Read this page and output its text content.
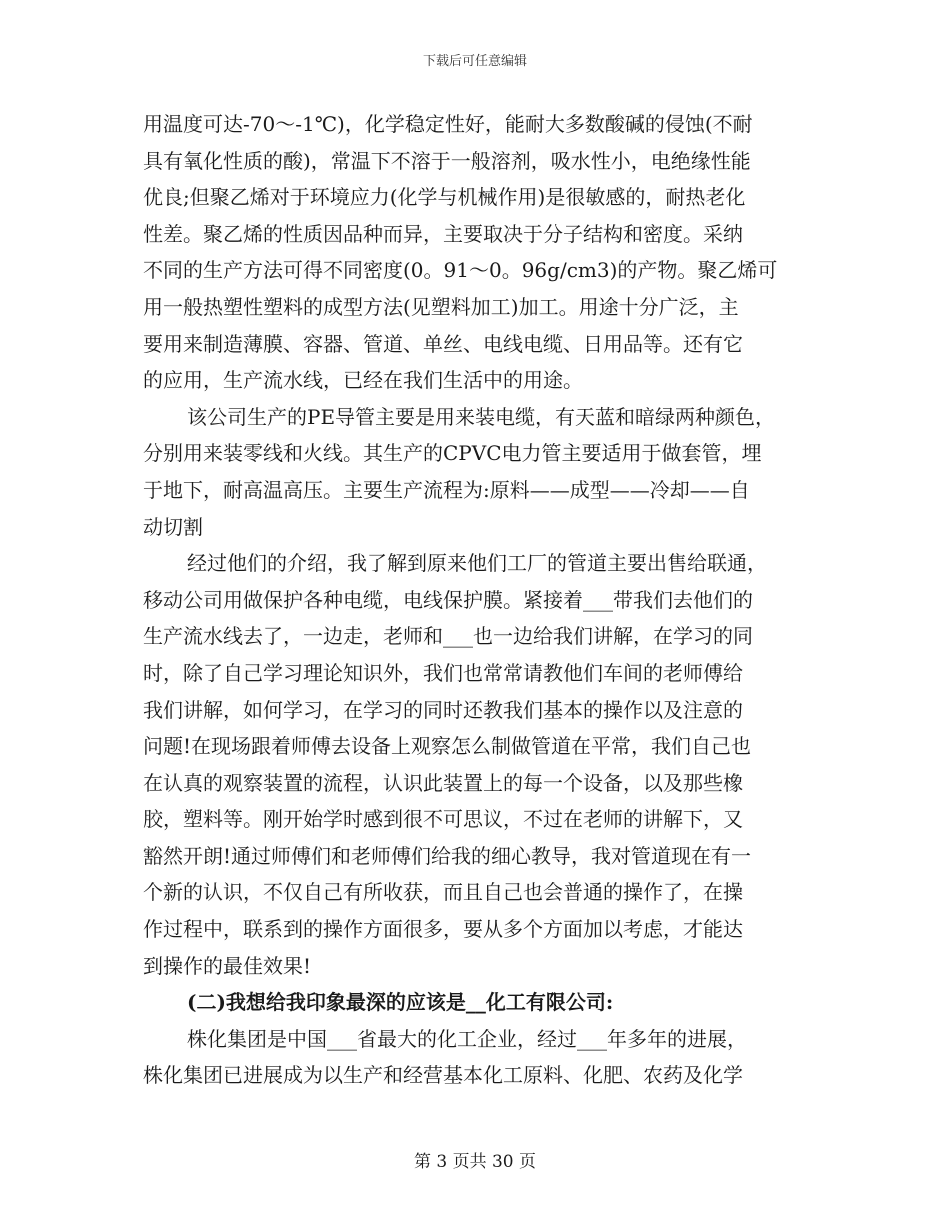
下载后可任意编辑
用温度可达-70～-1℃)，化学稳定性好，能耐大多数酸碱的侵蚀(不耐
具有氧化性质的酸)，常温下不溶于一般溶剂，吸水性小，电绝缘性能
优良;但聚乙烯对于环境应力(化学与机械作用)是很敏感的，耐热老化
性差。聚乙烯的性质因品种而异，主要取决于分子结构和密度。采纳
不同的生产方法可得不同密度(0。91～0。96g/cm3)的产物。聚乙烯可
用一般热塑性塑料的成型方法(见塑料加工)加工。用途十分广泛，主
要用来制造薄膜、容器、管道、单丝、电线电缆、日用品等。还有它
的应用，生产流水线，已经在我们生活中的用途。
该公司生产的PE导管主要是用来装电缆，有天蓝和暗绿两种颜色，
分别用来装零线和火线。其生产的CPVC电力管主要适用于做套管，埋
于地下，耐高温高压。主要生产流程为:原料——成型——冷却——自
动切割
经过他们的介绍，我了解到原来他们工厂的管道主要出售给联通，
移动公司用做保护各种电缆，电线保护膜。紧接着___带我们去他们的
生产流水线去了，一边走，老师和___也一边给我们讲解，在学习的同
时，除了自己学习理论知识外，我们也常常请教他们车间的老师傅给
我们讲解，如何学习，在学习的同时还教我们基本的操作以及注意的
问题!在现场跟着师傅去设备上观察怎么制做管道在平常，我们自己也
在认真的观察装置的流程，认识此装置上的每一个设备，以及那些橡
胶，塑料等。刚开始学时感到很不可思议，不过在老师的讲解下，又
豁然开朗!通过师傅们和老师傅们给我的细心教导，我对管道现在有一
个新的认识，不仅自己有所收获，而且自己也会普通的操作了，在操
作过程中，联系到的操作方面很多，要从多个方面加以考虑，才能达
到操作的最佳效果!
(二)我想给我印象最深的应该是__化工有限公司:
株化集团是中国___省最大的化工企业，经过___年多年的进展，
株化集团已进展成为以生产和经营基本化工原料、化肥、农药及化学
第 3 页共 30 页
